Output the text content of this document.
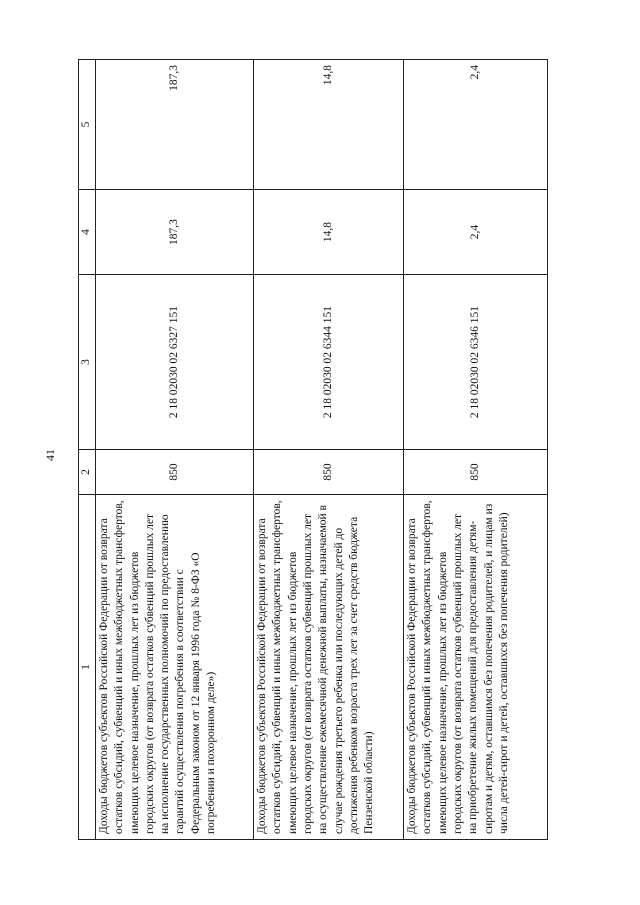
41
1	2	3	4	5
Доходы бюджетов субъектов Российской Федерации от возврата остатков субсидий, субвенций и иных межбюджетных трансфертов, имеющих целевое назначение, прошлых лет из бюджетов городских округов (от возврата остатков субвенций прошлых лет на исполнение государственных полномочий по предоставлению гарантий осуществления погребения в соответствии с Федеральным законом от 12 января 1996 года № 8-ФЗ «О погребении и похоронном деле»)	850	2 18 02030 02 6327 151	187,3	187,3
Доходы бюджетов субъектов Российской Федерации от возврата остатков субсидий, субвенций и иных межбюджетных трансфертов, имеющих целевое назначение, прошлых лет из бюджетов городских округов (от возврата остатков субвенций прошлых лет на осуществление ежемесячной денежной выплаты, назначаемой в случае рождения третьего ребенка или последующих детей до достижения ребенком возраста трех лет за счет средств бюджета Пензенской области)	850	2 18 02030 02 6344 151	14,8	14,8
Доходы бюджетов субъектов Российской Федерации от возврата остатков субсидий, субвенций и иных межбюджетных трансфертов, имеющих целевое назначение, прошлых лет из бюджетов городских округов (от возврата остатков субвенций прошлых лет на приобретение жилых помещений для предоставления детям-сиротам и детям, оставшимся без попечения родителей, и лицам из числа детей-сирот и детей, оставшихся без попечения родителей)	850	2 18 02030 02 6346 151	2,4	2,4
